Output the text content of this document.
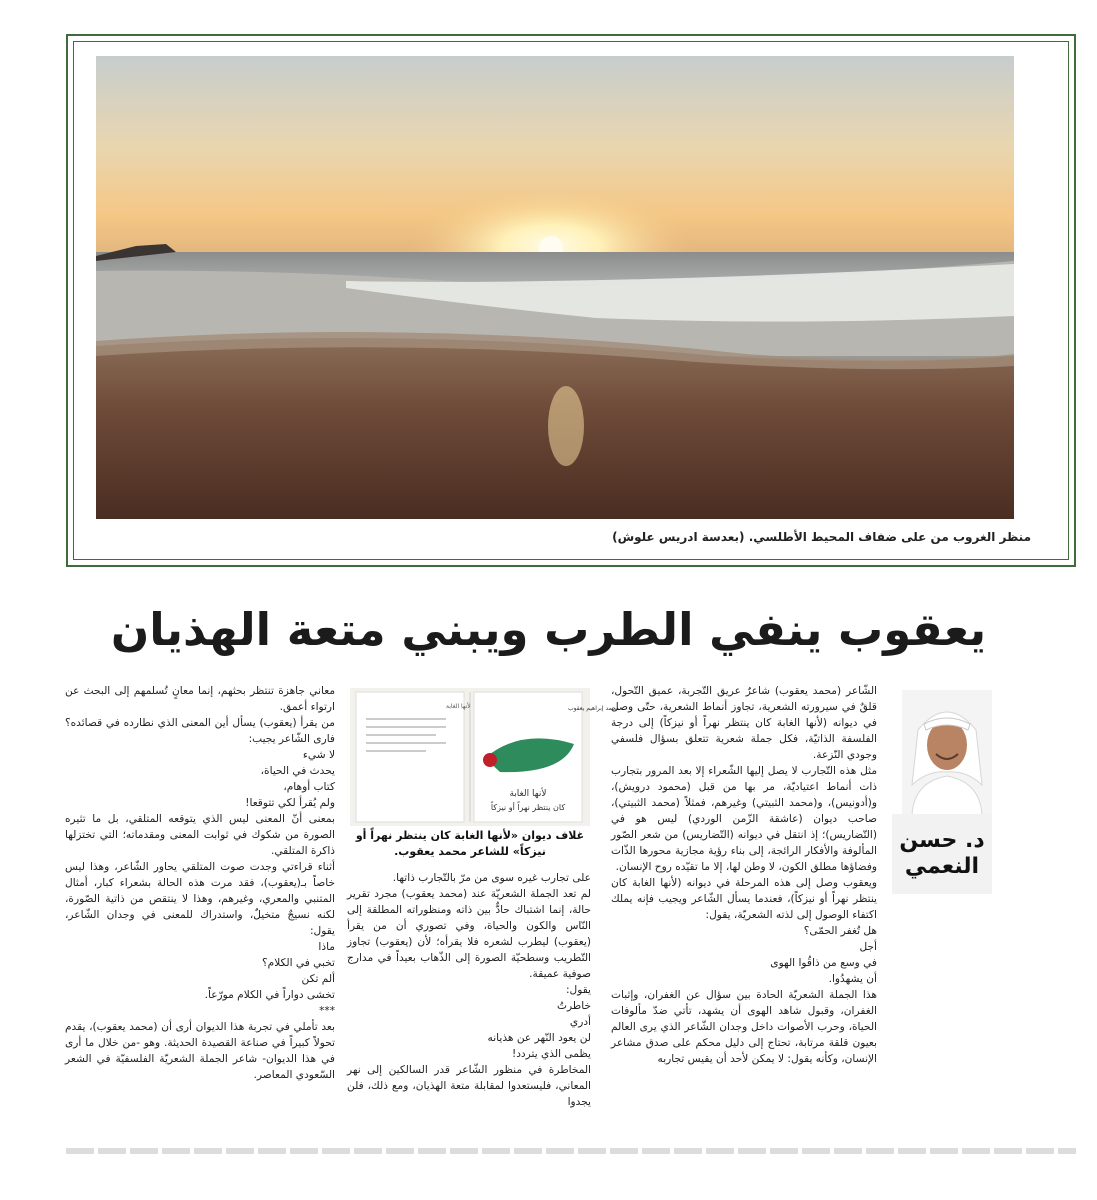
منظر الغروب من على ضفاف المحيط الأطلسي. (بعدسة ادريس علوش)
يعقوب ينفي الطرب ويبني متعة الهذيان
د. حسن
النعمي
محمد إبراهيم يعقوب
لأنها الغابة
كان ينتظر نهراً أو نيزكاً
لأنها الغابة
غلاف ديوان «لأنها الغابة كان ينتظر نهراً أو نيزكاً» للشاعر محمد يعقوب.

الشّاعر (محمد يعقوب) شاعرٌ عريق التّجربة، عميق التّحول، قلقٌ في سيرورته الشعرية، تجاوز أنماط الشعرية، حتّى وصل في ديوانه (لأنها الغابة كان ينتظر نهراً أو نيزكاً) إلى درجة الفلسفة الذاتيّة، فكل جملة شعرية تتعلق بسؤال فلسفي وجودي النّزعة.

مثل هذه التّجارب لا يصل إليها الشّعراء إلا بعد المرور بتجارب ذات أنماط اعتياديّة، مر بها من قبل (محمود درويش)، و(أدونيس)، و(محمد الثبيتي) وغيرهم، فمثلاً (محمد الثبيتي)، صاحب ديوان (عاشقة الزّمن الوردي) ليس هو في (التّضاريس)؛ إذ انتقل في ديوانه (التّضاريس) من شعر الصّور المألوفة والأفكار الرائجة، إلى بناء رؤية مجازية محورها الذّات وفضاؤها مطلق الكون، لا وطن لها، إلا ما تقيّده روح الإنسان.

ويعقوب وصل إلى هذه المرحلة في ديوانه (لأنها الغابة كان ينتظر نهراً أو نيزكاً)، فعندما يسأل الشّاعر ويجيب فإنه يملك اكتفاء الوصول إلى لذته الشعريّة، يقول:

هل تُغفر الحمّى؟

أجل

في وسع من ذاقُوا الهوى

أن يشهدُوا.

هذا الجملة الشعريّة الحادة بين سؤال عن الغفران، وإثبات الغفران، وقبول شاهد الهوى أن يشهد، تأتي ضدّ مألوفات الحياة، وحرب الأصوات داخل وجدان الشّاعر الذي يرى العالم بعيون قلقة مرتابة، تحتاج إلى دليل محكم على صدق مشاعر الإنسان، وكأنه يقول: لا يمكن لأحد أن يقيس تجاربه

على تجارب غيره سوى من مرّ بالتّجارب ذاتها.

لم تعد الجملة الشعريّة عند (محمد يعقوب) مجرد تقرير حالة، إنما اشتباك حادٌّ بين ذاته ومنظوراته المطلقة إلى النّاس والكون والحياة، وفي تصوري أن من يقرأ (يعقوب) ليطرب لشعره فلا يقرأه؛ لأن (يعقوب) تجاوز التّطريب وسطحيّة الصورة إلى الذّهاب بعيداً في مدارج صوفية عميقة.

يقول:

خاطرتُ

أدري

لن يعود النّهر عن هذيانه

يظمى الذي يتردد!

المخاطرة في منظور الشّاعر قدر السالكين إلى نهر المعاني، فليستعدوا لمقابلة متعة الهذيان، ومع ذلك، فلن يجدوا

معاني جاهزة تنتظر بحثهم، إنما معانٍ تُسلمهم إلى البحث عن ارتواء أعمق.

من يقرأ (يعقوب) يسأل أين المعنى الذي نطارده في قصائده؟ فارى الشّاعر يجيب:

لا شيء

يحدث في الحياة،

كتاب أوهام،

ولم يُقرأ لكي تتوقعا!

بمعنى أنّ المعنى ليس الذي يتوقعه المتلقي، بل ما تثيره الصورة من شكوك في ثوابت المعنى ومقدماته؛ التي تختزلها ذاكرة المتلقي.

أثناء قراءتي وجدت صوت المتلقي يحاور الشّاعر، وهذا ليس خاصاً بـ(يعقوب)، فقد مرت هذه الحالة بشعراء كبار، أمثال المتنبي والمعري، وغيرهم، وهذا لا ينتقص من ذاتية الصّورة، لكنه نسيجٌ متخيلٌ، واستدراك للمعنى في وجدان الشّاعر، يقول:

ماذا

تخبي في الكلام؟

ألم تكن

تخشى دواراً في الكلام مورّعاً.

***

بعد تأملي في تجربة هذا الديوان أرى أن (محمد يعقوب)، يقدم تحولاً كبيراً في صناعة القصيدة الحديثة. وهو -من خلال ما أرى في هذا الديوان- شاعر الجملة الشعريّة الفلسفيّة في الشعر السّعودي المعاصر.
